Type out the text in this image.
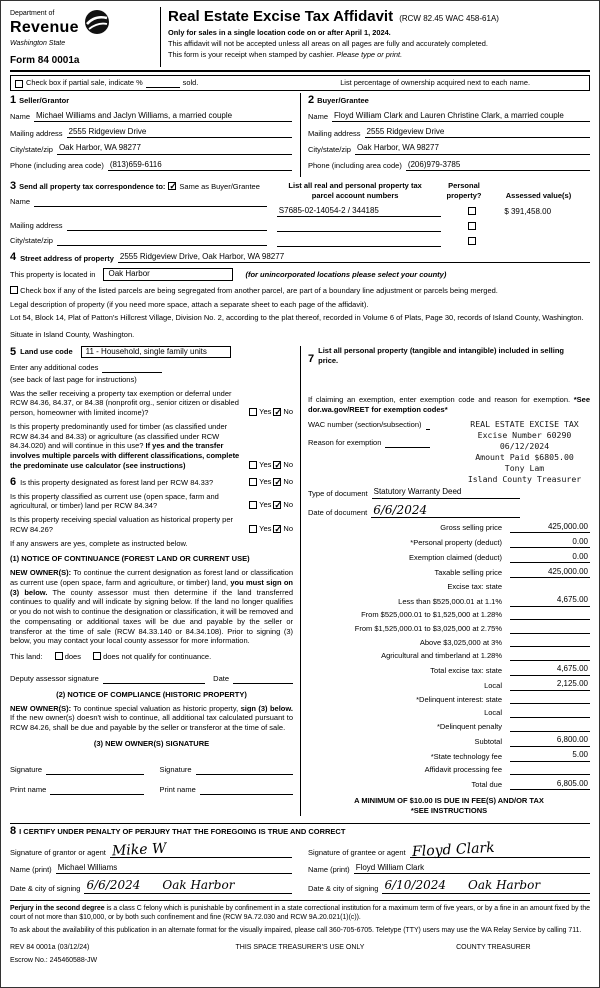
Department of
Revenue
Washington State
Form 84 0001a
Real Estate Excise Tax Affidavit (RCW 82.45 WAC 458-61A)
Only for sales in a single location code on or after April 1, 2024.
This affidavit will not be accepted unless all areas on all pages are fully and accurately completed.
This form is your receipt when stamped by cashier. Please type or print.
Check box if partial sale, indicate %	sold.	List percentage of ownership acquired next to each name.
1 Seller/Grantor
Name Michael Williams and Jaclyn Williams, a married couple
Mailing address 2555 Ridgeview Drive
City/state/zip Oak Harbor, WA 98277
Phone (including area code) (813)659-6116
2 Buyer/Grantee
Name Floyd William Clark and Lauren Christine Clark, a married couple
Mailing address 2555 Ridgeview Drive
City/state/zip Oak Harbor, WA 98277
Phone (including area code) (206)979-3785
3 Send all property tax correspondence to: ✓ Same as Buyer/Grantee
Name
Mailing address
City/state/zip
List all real and personal property tax parcel account numbers
Personal property?	Assessed value(s)
S7685-02-14054-2 / 344185	$ 391,458.00
4 Street address of property 2555 Ridgeview Drive, Oak Harbor, WA 98277
This property is located in	Oak Harbor	(for unincorporated locations please select your county)
Check box if any of the listed parcels are being segregated from another parcel, are part of a boundary line adjustment or parcels being merged.
Legal description of property (if you need more space, attach a separate sheet to each page of the affidavit).
Lot 54, Block 14, Plat of Patton's Hillcrest Village, Division No. 2, according to the plat thereof, recorded in Volume 6 of Plats, Page 30, records of Island County, Washington.
Situate in Island County, Washington.
5 Land use code	11 - Household, single family units
Enter any additional codes
(see back of last page for instructions)
Was the seller receiving a property tax exemption or deferral under RCW 84.36, 84.37, or 84.38 (nonprofit org., senior citizen or disabled person, homeowner with limited income)?	Yes ✓ No
Is this property predominantly used for timber (as classified under RCW 84.34 and 84.33) or agriculture (as classified under RCW 84.34.020) and will continue in this use? If yes and the transfer involves multiple parcels with different classifications, complete the predominate use calculator (see instructions)	Yes ✓ No
6 Is this property designated as forest land per RCW 84.33?	Yes ✓ No
Is this property classified as current use (open space, farm and agricultural, or timber) land per RCW 84.34?	Yes ✓ No
Is this property receiving special valuation as historical property per RCW 84.26?	Yes ✓ No
If any answers are yes, complete as instructed below.
(1) NOTICE OF CONTINUANCE (FOREST LAND OR CURRENT USE)
NEW OWNER(S): To continue the current designation as forest land or classification as current use (open space, farm and agriculture, or timber) land, you must sign on (3) below. The county assessor must then determine if the land transferred continues to qualify and will indicate by signing below. If the land no longer qualifies or you do not wish to continue the designation or classification, it will be removed and the compensating or additional taxes will be due and payable by the seller or transferor at the time of sale (RCW 84.33.140 or 84.34.108). Prior to signing (3) below, you may contact your local county assessor for more information.
This land:	does	does not qualify for continuance.
Deputy assessor signature	Date
(2) NOTICE OF COMPLIANCE (HISTORIC PROPERTY)
NEW OWNER(S): To continue special valuation as historic property, sign (3) below. If the new owner(s) doesn't wish to continue, all additional tax calculated pursuant to RCW 84.26, shall be due and payable by the seller or transferor at the time of sale.
(3) NEW OWNER(S) SIGNATURE
Signature	Signature
Print name	Print name
7
List all personal property (tangible and intangible) included in selling price.
If claiming an exemption, enter exemption code and reason for exemption. *See dor.wa.gov/REET for exemption codes*
WAC number (section/subsection)
Reason for exemption
REAL ESTATE EXCISE TAX
Excise Number 60290
06/12/2024
Amount Paid $6805.00
Tony Lam
Island County Treasurer
Type of document Statutory Warranty Deed
Date of document 6/6/2024
Gross selling price	425,000.00
*Personal property (deduct)	0.00
Exemption claimed (deduct)	0.00
Taxable selling price	425,000.00
Excise tax: state
Less than $525,000.01 at 1.1%	4,675.00
From $525,000.01 to $1,525,000 at 1.28%
From $1,525,000.01 to $3,025,000 at 2.75%
Above $3,025,000 at 3%
Agricultural and timberland at 1.28%
Total excise tax: state	4,675.00
Local	2,125.00
*Delinquent interest: state
Local
*Delinquent penalty
Subtotal	6,800.00
*State technology fee	5.00
Affidavit processing fee
Total due	6,805.00
A MINIMUM OF $10.00 IS DUE IN FEE(S) AND/OR TAX
*SEE INSTRUCTIONS
8 I CERTIFY UNDER PENALTY OF PERJURY THAT THE FOREGOING IS TRUE AND CORRECT
Signature of grantor or agent Mike W
Name (print) Michael Williams
Date & city of signing 6/6/2024 Oak Harbor
Signature of grantee or agent Floyd Clark
Name (print) Floyd William Clark
Date & city of signing 6/10/2024 Oak Harbor
Perjury in the second degree is a class C felony which is punishable by confinement in a state correctional institution for a maximum term of five years, or by a fine in an amount fixed by the court of not more than $10,000, or by both such confinement and fine (RCW 9A.72.030 and RCW 9A.20.021(1)(c)).
To ask about the availability of this publication in an alternate format for the visually impaired, please call 360-705-6705. Teletype (TTY) users may use the WA Relay Service by calling 711.
REV 84 0001a (03/12/24)	THIS SPACE TREASURER'S USE ONLY	COUNTY TREASURER
Escrow No.: 245460588-JW
